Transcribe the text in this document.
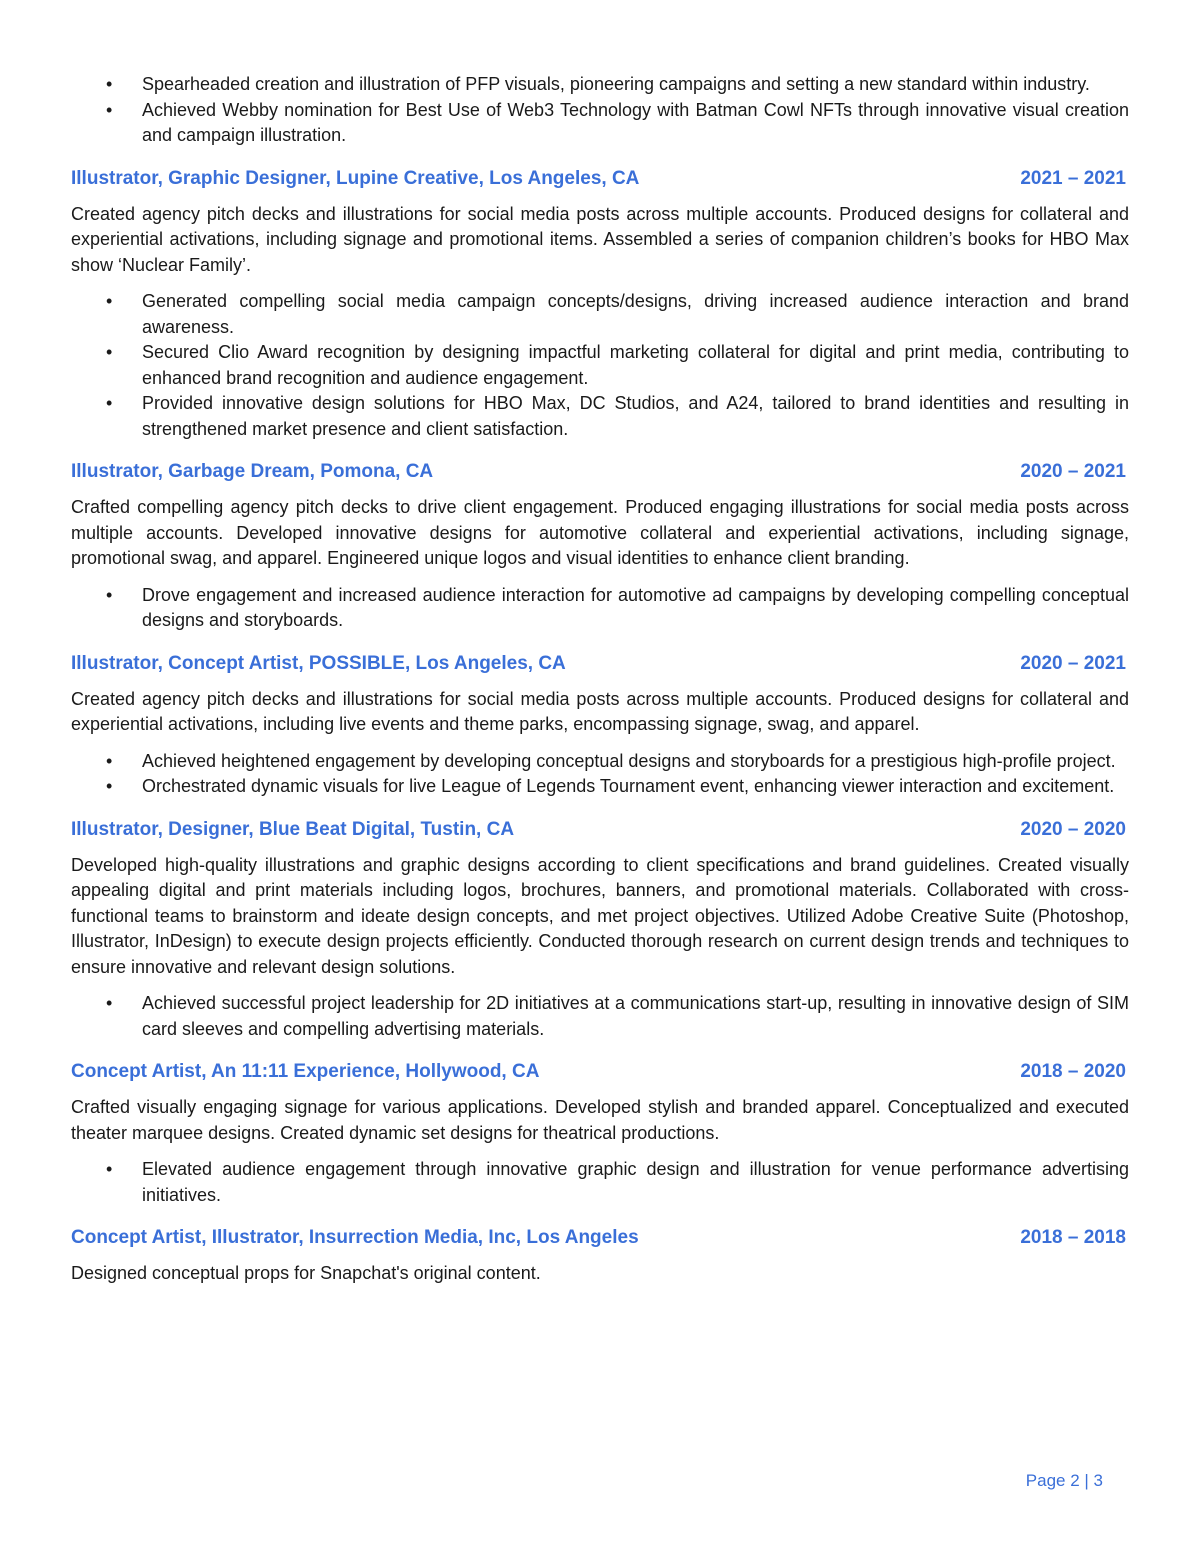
• Spearheaded creation and illustration of PFP visuals, pioneering campaigns and setting a new standard within industry.
• Achieved Webby nomination for Best Use of Web3 Technology with Batman Cowl NFTs through innovative visual creation and campaign illustration.
Illustrator, Graphic Designer, Lupine Creative, Los Angeles, CA	2021 – 2021

Created agency pitch decks and illustrations for social media posts across multiple accounts. Produced designs for collateral and experiential activations, including signage and promotional items. Assembled a series of companion children’s books for HBO Max show ‘Nuclear Family’.

• Generated compelling social media campaign concepts/designs, driving increased audience interaction and brand awareness.
• Secured Clio Award recognition by designing impactful marketing collateral for digital and print media, contributing to enhanced brand recognition and audience engagement.
• Provided innovative design solutions for HBO Max, DC Studios, and A24, tailored to brand identities and resulting in strengthened market presence and client satisfaction.
Illustrator, Garbage Dream, Pomona, CA	2020 – 2021

Crafted compelling agency pitch decks to drive client engagement. Produced engaging illustrations for social media posts across multiple accounts. Developed innovative designs for automotive collateral and experiential activations, including signage, promotional swag, and apparel. Engineered unique logos and visual identities to enhance client branding.

• Drove engagement and increased audience interaction for automotive ad campaigns by developing compelling conceptual designs and storyboards.
Illustrator, Concept Artist, POSSIBLE, Los Angeles, CA	2020 – 2021

Created agency pitch decks and illustrations for social media posts across multiple accounts. Produced designs for collateral and experiential activations, including live events and theme parks, encompassing signage, swag, and apparel.

• Achieved heightened engagement by developing conceptual designs and storyboards for a prestigious high-profile project.
• Orchestrated dynamic visuals for live League of Legends Tournament event, enhancing viewer interaction and excitement.
Illustrator, Designer, Blue Beat Digital, Tustin, CA	2020 – 2020

Developed high-quality illustrations and graphic designs according to client specifications and brand guidelines. Created visually appealing digital and print materials including logos, brochures, banners, and promotional materials. Collaborated with cross-functional teams to brainstorm and ideate design concepts, and met project objectives. Utilized Adobe Creative Suite (Photoshop, Illustrator, InDesign) to execute design projects efficiently. Conducted thorough research on current design trends and techniques to ensure innovative and relevant design solutions.

• Achieved successful project leadership for 2D initiatives at a communications start-up, resulting in innovative design of SIM card sleeves and compelling advertising materials.
Concept Artist, An 11:11 Experience, Hollywood, CA	2018 – 2020

Crafted visually engaging signage for various applications. Developed stylish and branded apparel. Conceptualized and executed theater marquee designs. Created dynamic set designs for theatrical productions.

• Elevated audience engagement through innovative graphic design and illustration for venue performance advertising initiatives.
Concept Artist, Illustrator, Insurrection Media, Inc, Los Angeles	2018 – 2018

Designed conceptual props for Snapchat's original content.

Page 2 | 3
